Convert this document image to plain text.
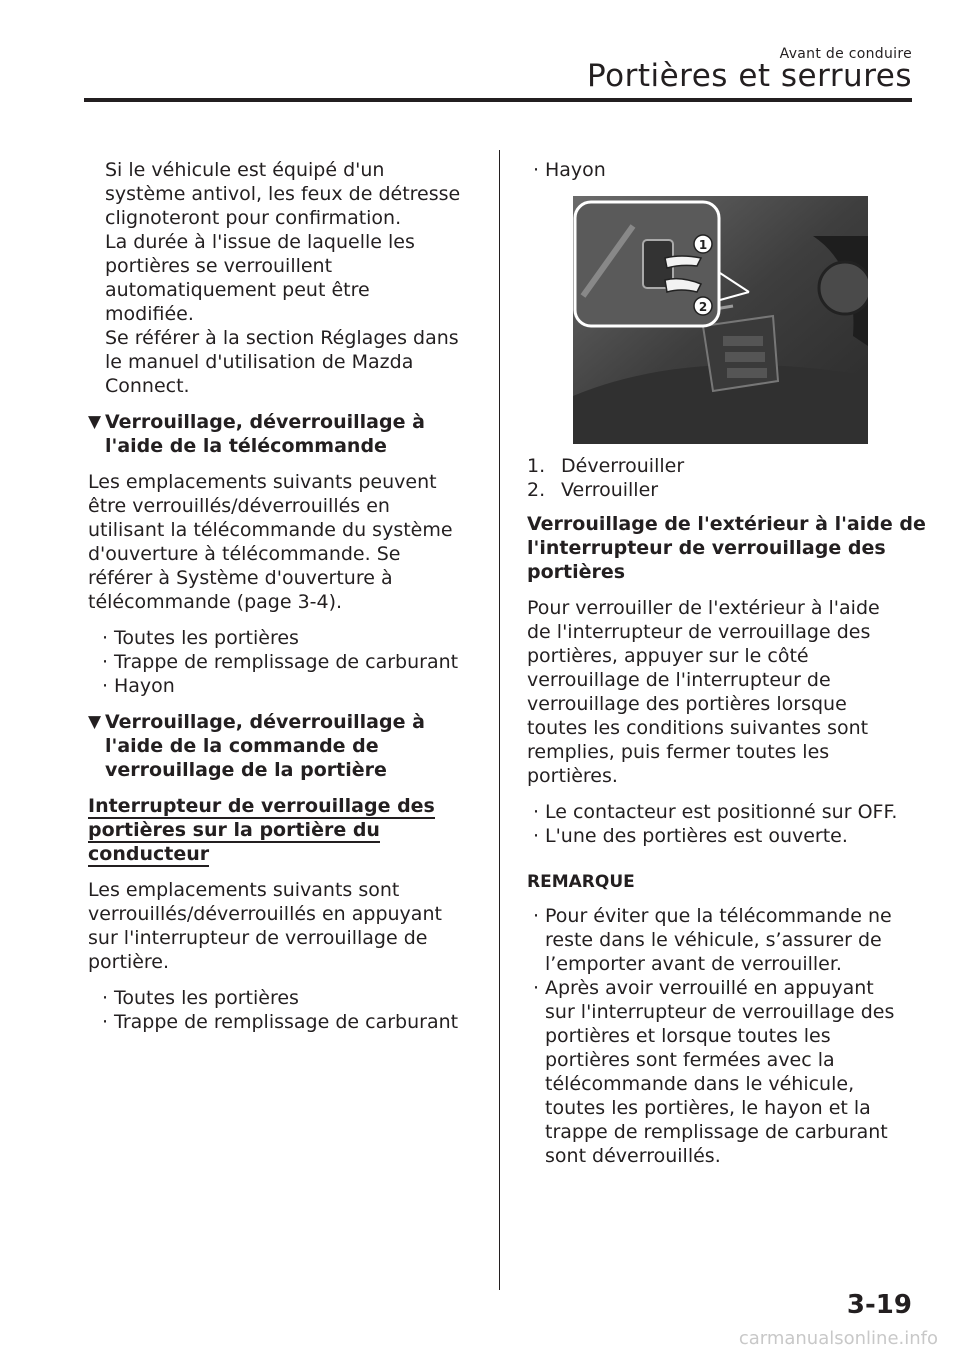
Avant de conduire
Portières et serrures
Si le véhicule est équipé d'un
système antivol, les feux de détresse
clignoteront pour confirmation.
La durée à l'issue de laquelle les
portières se verrouillent
automatiquement peut être
modifiée.
Se référer à la section Réglages dans
le manuel d'utilisation de Mazda
Connect.
▼ Verrouillage, déverrouillage à
l'aide de la télécommande

Les emplacements suivants peuvent
être verrouillés/déverrouillés en
utilisant la télécommande du système
d'ouverture à télécommande. Se
référer à Système d'ouverture à
télécommande (page 3-4).

· Toutes les portières
· Trappe de remplissage de carburant
· Hayon
▼ Verrouillage, déverrouillage à
l'aide de la commande de
verrouillage de la portière
Interrupteur de verrouillage des
portières sur la portière du
conducteur

Les emplacements suivants sont
verrouillés/déverrouillés en appuyant
sur l'interrupteur de verrouillage de
portière.

· Toutes les portières
· Trappe de remplissage de carburant
· Hayon
1
2
1. Déverrouiller
2. Verrouiller
Verrouillage de l'extérieur à l'aide de
l'interrupteur de verrouillage des
portières

Pour verrouiller de l'extérieur à l'aide
de l'interrupteur de verrouillage des
portières, appuyer sur le côté
verrouillage de l'interrupteur de
verrouillage des portières lorsque
toutes les conditions suivantes sont
remplies, puis fermer toutes les
portières.

· Le contacteur est positionné sur OFF.
· L'une des portières est ouverte.
REMARQUE
· Pour éviter que la télécommande ne
reste dans le véhicule, s’assurer de
l’emporter avant de verrouiller.
· Après avoir verrouillé en appuyant
sur l'interrupteur de verrouillage des
portières et lorsque toutes les
portières sont fermées avec la
télécommande dans le véhicule,
toutes les portières, le hayon et la
trappe de remplissage de carburant
sont déverrouillés.
3-19
carmanualsonline.info
